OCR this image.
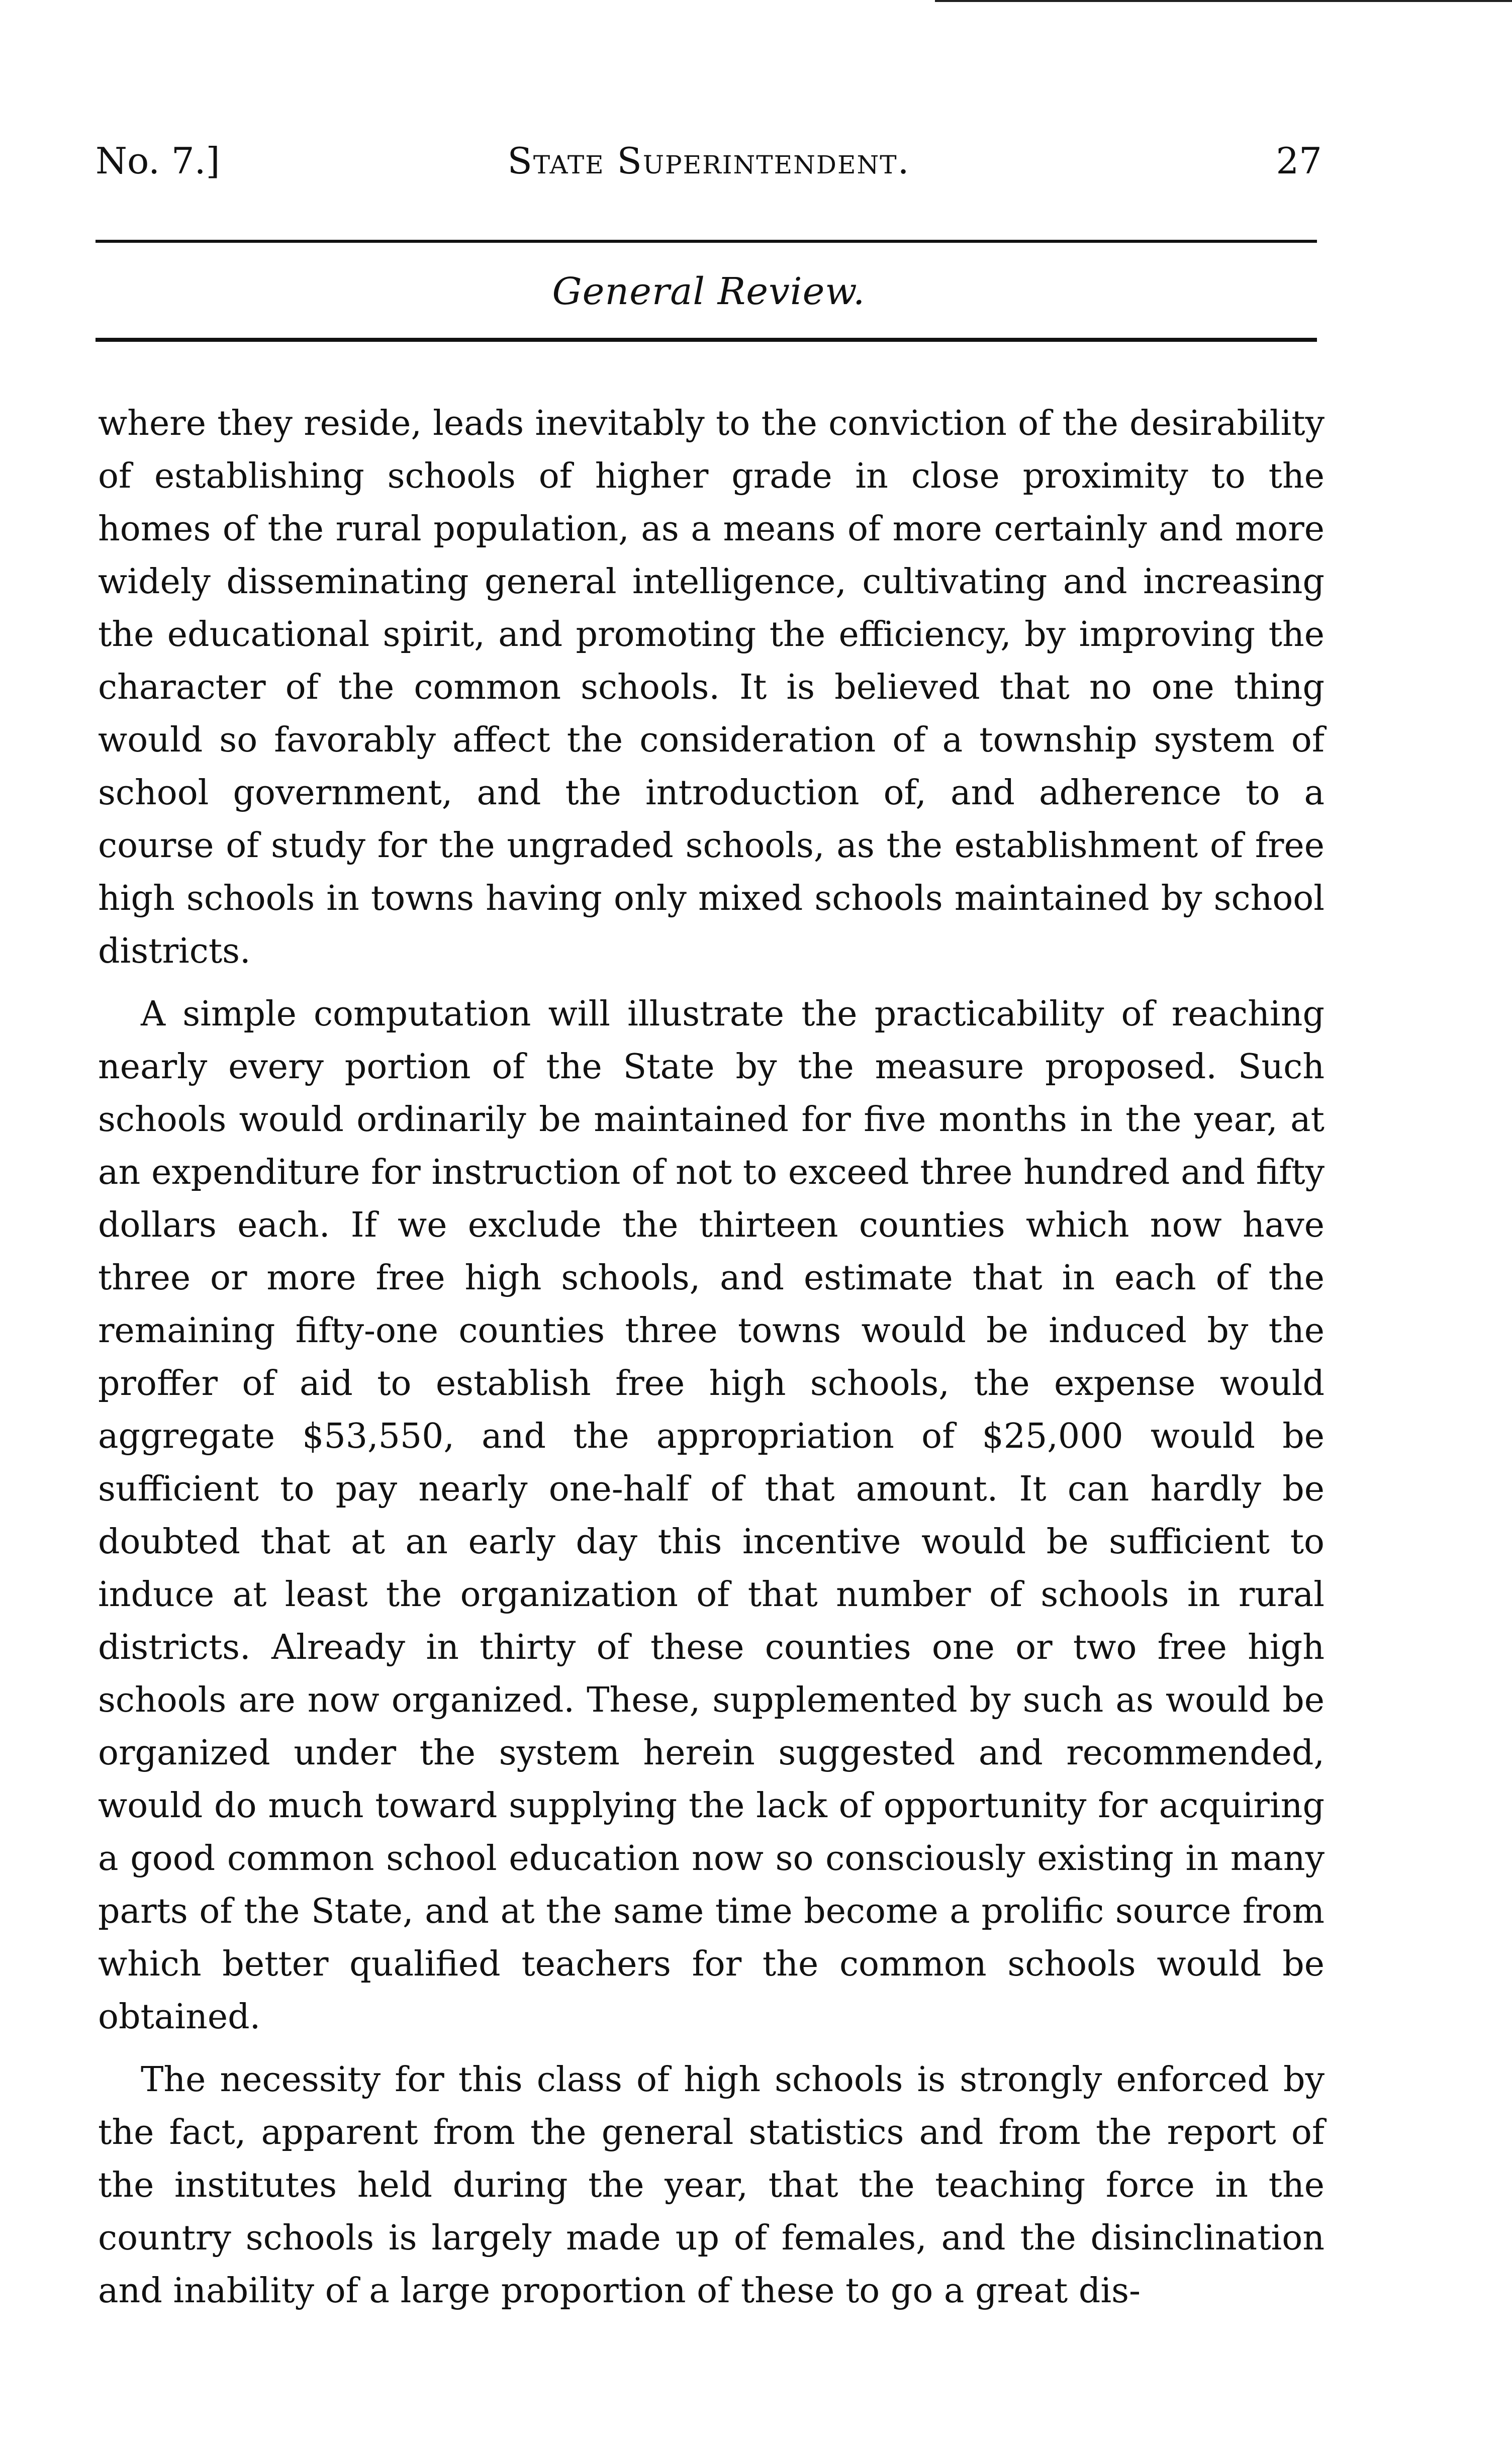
No. 7.]	State Superintendent.	27
General Review.

where they reside, leads inevitably to the conviction of the desirability of establishing schools of higher grade in close proximity to the homes of the rural population, as a means of more certainly and more widely disseminating general intelligence, cultivating and increasing the educational spirit, and promoting the efficiency, by improving the character of the common schools. It is believed that no one thing would so favorably affect the consideration of a township system of school government, and the introduction of, and adherence to a course of study for the ungraded schools, as the establishment of free high schools in towns having only mixed schools maintained by school districts.

A simple computation will illustrate the practicability of reaching nearly every portion of the State by the measure proposed. Such schools would ordinarily be maintained for five months in the year, at an expenditure for instruction of not to exceed three hundred and fifty dollars each. If we exclude the thirteen counties which now have three or more free high schools, and estimate that in each of the remaining fifty-one counties three towns would be induced by the proffer of aid to establish free high schools, the expense would aggregate $53,550, and the appropriation of $25,000 would be sufficient to pay nearly one-half of that amount. It can hardly be doubted that at an early day this incentive would be sufficient to induce at least the organization of that number of schools in rural districts. Already in thirty of these counties one or two free high schools are now organized. These, supplemented by such as would be organized under the system herein suggested and recommended, would do much toward supplying the lack of opportunity for acquiring a good common school education now so consciously existing in many parts of the State, and at the same time become a prolific source from which better qualified teachers for the common schools would be obtained.

The necessity for this class of high schools is strongly enforced by the fact, apparent from the general statistics and from the report of the institutes held during the year, that the teaching force in the country schools is largely made up of females, and the disinclination and inability of a large proportion of these to go a great dis-
